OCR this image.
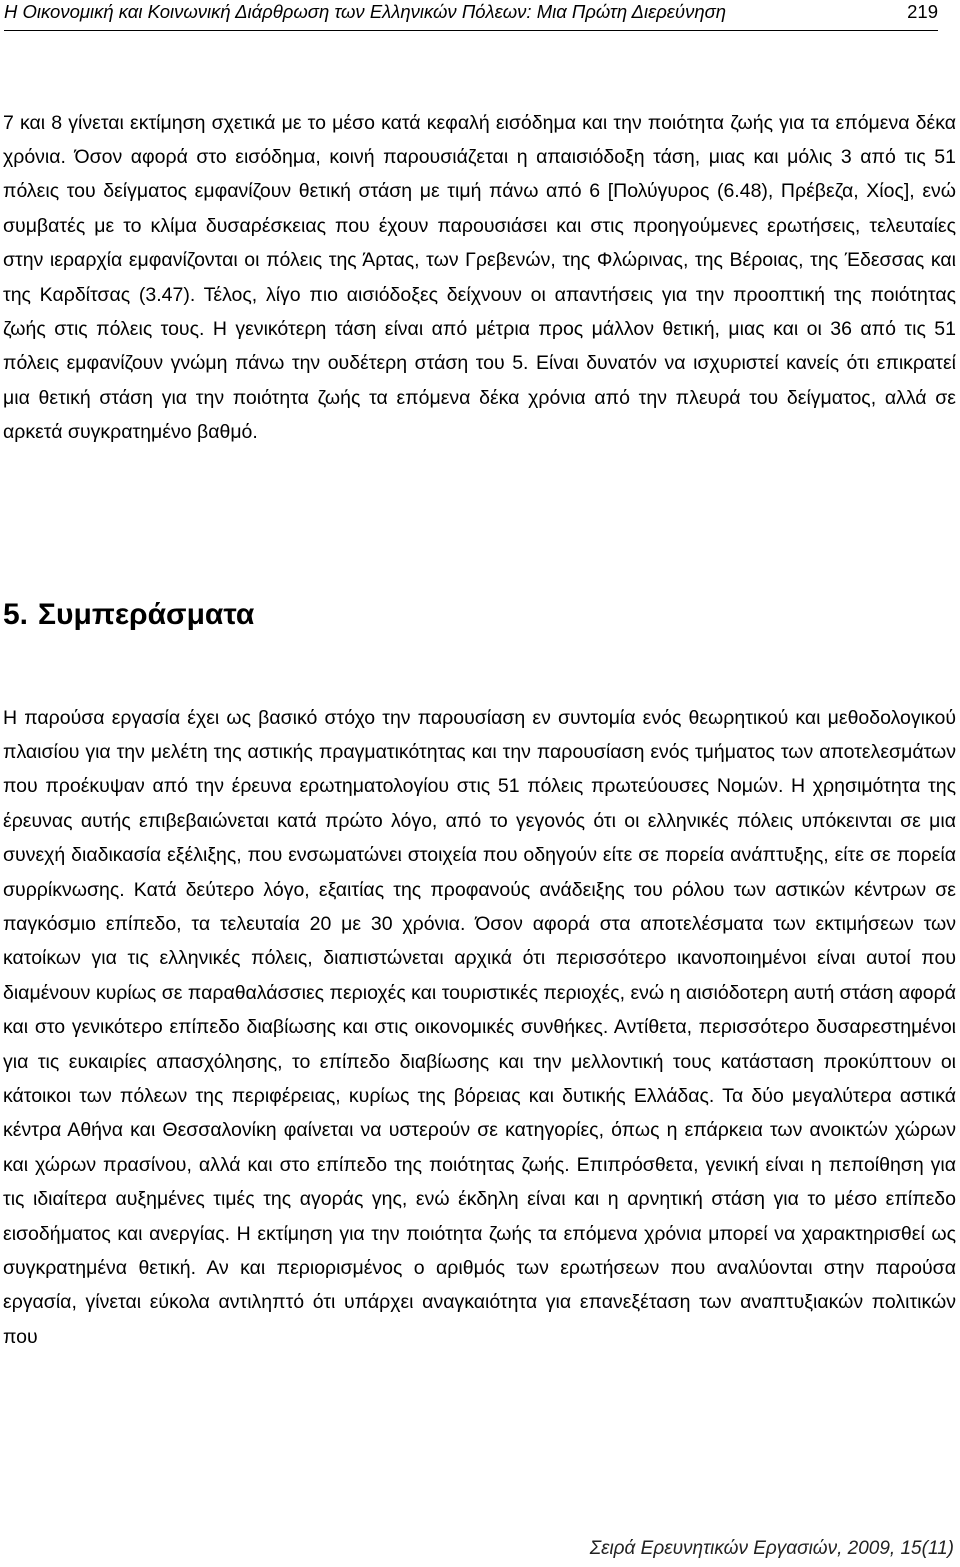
Η Οικονομική και Κοινωνική Διάρθρωση των Ελληνικών Πόλεων: Μια Πρώτη Διερεύνηση	219

7 και 8 γίνεται εκτίμηση σχετικά με το μέσο κατά κεφαλή εισόδημα και την ποιότητα ζωής για τα επόμενα δέκα χρόνια. Όσον αφορά στο εισόδημα, κοινή παρουσιάζεται η απαισιόδοξη τάση, μιας και μόλις 3 από τις 51 πόλεις του δείγματος εμφανίζουν θετική στάση με τιμή πάνω από 6 [Πολύγυρος (6.48), Πρέβεζα, Χίος], ενώ συμβατές με το κλίμα δυσαρέσκειας που έχουν παρουσιάσει και στις προηγούμενες ερωτήσεις, τελευταίες στην ιεραρχία εμφανίζονται οι πόλεις της Άρτας, των Γρεβενών, της Φλώρινας, της Βέροιας, της Έδεσσας και της Καρδίτσας (3.47). Τέλος, λίγο πιο αισιόδοξες δείχνουν οι απαντήσεις για την προοπτική της ποιότητας ζωής στις πόλεις τους. Η γενικότερη τάση είναι από μέτρια προς μάλλον θετική, μιας και οι 36 από τις 51 πόλεις εμφανίζουν γνώμη πάνω την ουδέτερη στάση του 5. Είναι δυνατόν να ισχυριστεί κανείς ότι επικρατεί μια θετική στάση για την ποιότητα ζωής τα επόμενα δέκα χρόνια από την πλευρά του δείγματος, αλλά σε αρκετά συγκρατημένο βαθμό.

5. Συμπεράσματα

Η παρούσα εργασία έχει ως βασικό στόχο την παρουσίαση εν συντομία ενός θεωρητικού και μεθοδολογικού πλαισίου για την μελέτη της αστικής πραγματικότητας και την παρουσίαση ενός τμήματος των αποτελεσμάτων που προέκυψαν από την έρευνα ερωτηματολογίου στις 51 πόλεις πρωτεύουσες Νομών. Η χρησιμότητα της έρευνας αυτής επιβεβαιώνεται κατά πρώτο λόγο, από το γεγονός ότι οι ελληνικές πόλεις υπόκεινται σε μια συνεχή διαδικασία εξέλιξης, που ενσωματώνει στοιχεία που οδηγούν είτε σε πορεία ανάπτυξης, είτε σε πορεία συρρίκνωσης. Κατά δεύτερο λόγο, εξαιτίας της προφανούς ανάδειξης του ρόλου των αστικών κέντρων σε παγκόσμιο επίπεδο, τα τελευταία 20 με 30 χρόνια. Όσον αφορά στα αποτελέσματα των εκτιμήσεων των κατοίκων για τις ελληνικές πόλεις, διαπιστώνεται αρχικά ότι περισσότερο ικανοποιημένοι είναι αυτοί που διαμένουν κυρίως σε παραθαλάσσιες περιοχές και τουριστικές περιοχές, ενώ η αισιόδοτερη αυτή στάση αφορά και στο γενικότερο επίπεδο διαβίωσης και στις οικονομικές συνθήκες. Αντίθετα, περισσότερο δυσαρεστημένοι για τις ευκαιρίες απασχόλησης, το επίπεδο διαβίωσης και την μελλοντική τους κατάσταση προκύπτουν οι κάτοικοι των πόλεων της περιφέρειας, κυρίως της βόρειας και δυτικής Ελλάδας. Τα δύο μεγαλύτερα αστικά κέντρα Αθήνα και Θεσσαλονίκη φαίνεται να υστερούν σε κατηγορίες, όπως η επάρκεια των ανοικτών χώρων και χώρων πρασίνου, αλλά και στο επίπεδο της ποιότητας ζωής. Επιπρόσθετα, γενική είναι η πεποίθηση για τις ιδιαίτερα αυξημένες τιμές της αγοράς γης, ενώ έκδηλη είναι και η αρνητική στάση για το μέσο επίπεδο εισοδήματος και ανεργίας. Η εκτίμηση για την ποιότητα ζωής τα επόμενα χρόνια μπορεί να χαρακτηρισθεί ως συγκρατημένα θετική. Αν και περιορισμένος ο αριθμός των ερωτήσεων που αναλύονται στην παρούσα εργασία, γίνεται εύκολα αντιληπτό ότι υπάρχει αναγκαιότητα για επανεξέταση των αναπτυξιακών πολιτικών που

Σειρά Ερευνητικών Εργασιών, 2009, 15(11)
